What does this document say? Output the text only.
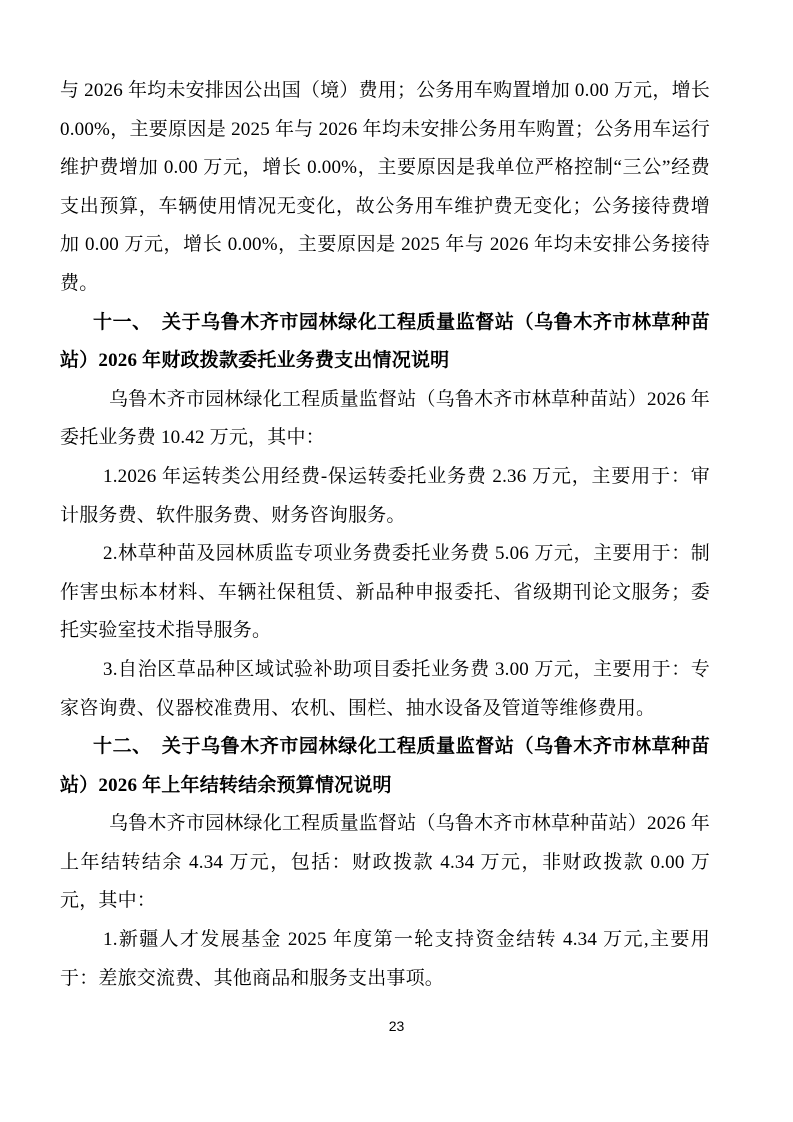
与 2026 年均未安排因公出国（境）费用；公务用车购置增加 0.00 万元，增长 0.00%，主要原因是 2025 年与 2026 年均未安排公务用车购置；公务用车运行维护费增加 0.00 万元，增长 0.00%，主要原因是我单位严格控制“三公”经费支出预算，车辆使用情况无变化，故公务用车维护费无变化；公务接待费增加 0.00 万元，增长 0.00%，主要原因是 2025 年与 2026 年均未安排公务接待费。

十一、　关于乌鲁木齐市园林绿化工程质量监督站（乌鲁木齐市林草种苗站）2026 年财政拨款委托业务费支出情况说明

乌鲁木齐市园林绿化工程质量监督站（乌鲁木齐市林草种苗站）2026 年委托业务费 10.42 万元，其中：

1.2026 年运转类公用经费-保运转委托业务费 2.36 万元，主要用于：审计服务费、软件服务费、财务咨询服务。

2.林草种苗及园林质监专项业务费委托业务费 5.06 万元，主要用于：制作害虫标本材料、车辆社保租赁、新品种申报委托、省级期刊论文服务；委托实验室技术指导服务。

3.自治区草品种区域试验补助项目委托业务费 3.00 万元，主要用于：专家咨询费、仪器校准费用、农机、围栏、抽水设备及管道等维修费用。

十二、　关于乌鲁木齐市园林绿化工程质量监督站（乌鲁木齐市林草种苗站）2026 年上年结转结余预算情况说明

乌鲁木齐市园林绿化工程质量监督站（乌鲁木齐市林草种苗站）2026 年上年结转结余 4.34 万元，包括：财政拨款 4.34 万元，非财政拨款 0.00 万元，其中：

1.新疆人才发展基金 2025 年度第一轮支持资金结转 4.34 万元,主要用于：差旅交流费、其他商品和服务支出事项。

23
